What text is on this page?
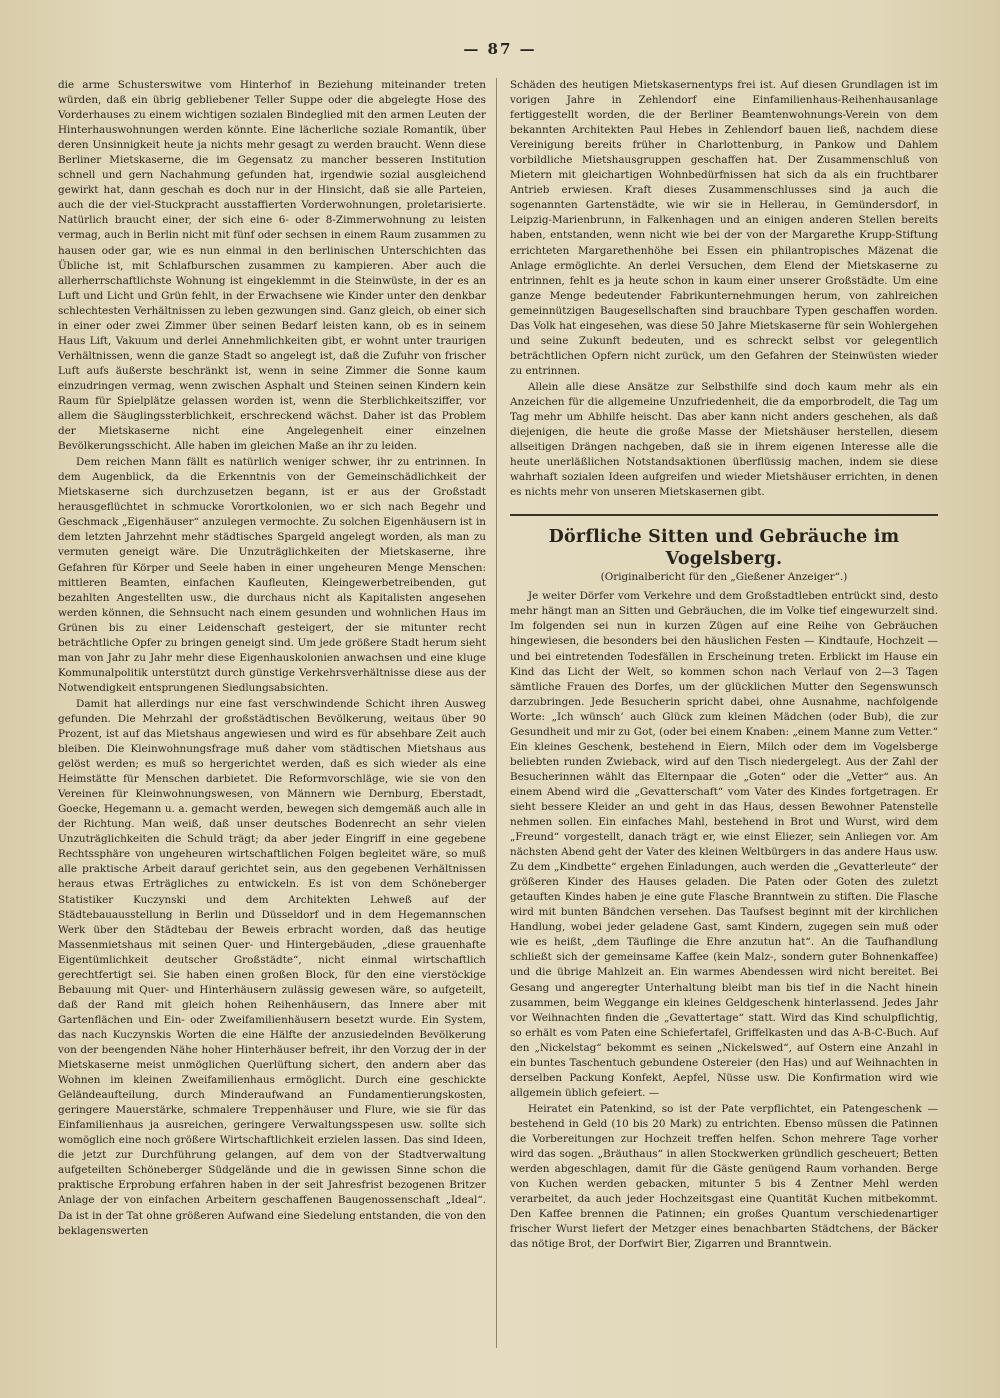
— 87 —

die arme Schusterswitwe vom Hinterhof in Beziehung miteinander treten würden, daß ein übrig gebliebener Teller Suppe oder die abgelegte Hose des Vorderhauses zu einem wichtigen sozialen Bindeglied mit den armen Leuten der Hinterhauswohnungen werden könnte. Eine lächerliche soziale Romantik, über deren Unsinnigkeit heute ja nichts mehr gesagt zu werden braucht. Wenn diese Berliner Mietskaserne, die im Gegensatz zu mancher besseren Institution schnell und gern Nachahmung gefunden hat, irgendwie sozial ausgleichend gewirkt hat, dann geschah es doch nur in der Hinsicht, daß sie alle Parteien, auch die der viel-Stuckpracht ausstaffierten Vorderwohnungen, proletarisierte. Natürlich braucht einer, der sich eine 6- oder 8-Zimmerwohnung zu leisten vermag, auch in Berlin nicht mit fünf oder sechsen in einem Raum zusammen zu hausen oder gar, wie es nun einmal in den berlinischen Unterschichten das Übliche ist, mit Schlafburschen zusammen zu kampieren. Aber auch die allerherrschaftlichste Wohnung ist eingeklemmt in die Steinwüste, in der es an Luft und Licht und Grün fehlt, in der Erwachsene wie Kinder unter den denkbar schlechtesten Verhältnissen zu leben gezwungen sind. Ganz gleich, ob einer sich in einer oder zwei Zimmer über seinen Bedarf leisten kann, ob es in seinem Haus Lift, Vakuum und derlei Annehmlichkeiten gibt, er wohnt unter traurigen Verhältnissen, wenn die ganze Stadt so angelegt ist, daß die Zufuhr von frischer Luft aufs äußerste beschränkt ist, wenn in seine Zimmer die Sonne kaum einzudringen vermag, wenn zwischen Asphalt und Steinen seinen Kindern kein Raum für Spielplätze gelassen worden ist, wenn die Sterblichkeitsziffer, vor allem die Säuglingssterblichkeit, erschreckend wächst. Daher ist das Problem der Mietskaserne nicht eine Angelegenheit einer einzelnen Bevölkerungsschicht. Alle haben im gleichen Maße an ihr zu leiden.

Dem reichen Mann fällt es natürlich weniger schwer, ihr zu entrinnen. In dem Augenblick, da die Erkenntnis von der Gemeinschädlichkeit der Mietskaserne sich durchzusetzen begann, ist er aus der Großstadt herausgeflüchtet in schmucke Vorortkolonien, wo er sich nach Begehr und Geschmack „Eigenhäuser“ anzulegen vermochte. Zu solchen Eigenhäusern ist in dem letzten Jahrzehnt mehr städtisches Spargeld angelegt worden, als man zu vermuten geneigt wäre. Die Unzuträglichkeiten der Mietskaserne, ihre Gefahren für Körper und Seele haben in einer ungeheuren Menge Menschen: mittleren Beamten, einfachen Kaufleuten, Kleingewerbetreibenden, gut bezahlten Angestellten usw., die durchaus nicht als Kapitalisten angesehen werden können, die Sehnsucht nach einem gesunden und wohnlichen Haus im Grünen bis zu einer Leidenschaft gesteigert, der sie mitunter recht beträchtliche Opfer zu bringen geneigt sind. Um jede größere Stadt herum sieht man von Jahr zu Jahr mehr diese Eigenhauskolonien anwachsen und eine kluge Kommunalpolitik unterstützt durch günstige Verkehrsverhältnisse diese aus der Notwendigkeit entsprungenen Siedlungsabsichten.

Damit hat allerdings nur eine fast verschwindende Schicht ihren Ausweg gefunden. Die Mehrzahl der großstädtischen Bevölkerung, weitaus über 90 Prozent, ist auf das Mietshaus angewiesen und wird es für absehbare Zeit auch bleiben. Die Kleinwohnungsfrage muß daher vom städtischen Mietshaus aus gelöst werden; es muß so hergerichtet werden, daß es sich wieder als eine Heimstätte für Menschen darbietet. Die Reformvorschläge, wie sie von den Vereinen für Kleinwohnungswesen, von Männern wie Dernburg, Eberstadt, Goecke, Hegemann u. a. gemacht werden, bewegen sich demgemäß auch alle in der Richtung. Man weiß, daß unser deutsches Bodenrecht an sehr vielen Unzuträglichkeiten die Schuld trägt; da aber jeder Eingriff in eine gegebene Rechtssphäre von ungeheuren wirtschaftlichen Folgen begleitet wäre, so muß alle praktische Arbeit darauf gerichtet sein, aus den gegebenen Verhältnissen heraus etwas Erträgliches zu entwickeln. Es ist von dem Schöneberger Statistiker Kuczynski und dem Architekten Lehweß auf der Städtebauausstellung in Berlin und Düsseldorf und in dem Hegemannschen Werk über den Städtebau der Beweis erbracht worden, daß das heutige Massenmietshaus mit seinen Quer- und Hintergebäuden, „diese grauenhafte Eigentümlichkeit deutscher Großstädte“, nicht einmal wirtschaftlich gerechtfertigt sei. Sie haben einen großen Block, für den eine vierstöckige Bebauung mit Quer- und Hinterhäusern zulässig gewesen wäre, so aufgeteilt, daß der Rand mit gleich hohen Reihenhäusern, das Innere aber mit Gartenflächen und Ein- oder Zweifamilienhäusern besetzt wurde. Ein System, das nach Kuczynskis Worten die eine Hälfte der anzusiedelnden Bevölkerung von der beengenden Nähe hoher Hinterhäuser befreit, ihr den Vorzug der in der Mietskaserne meist unmöglichen Querlüftung sichert, den andern aber das Wohnen im kleinen Zweifamilienhaus ermöglicht. Durch eine geschickte Geländeaufteilung, durch Minderaufwand an Fundamentierungskosten, geringere Mauerstärke, schmalere Treppenhäuser und Flure, wie sie für das Einfamilienhaus ja ausreichen, geringere Verwaltungsspesen usw. sollte sich womöglich eine noch größere Wirtschaftlichkeit erzielen lassen. Das sind Ideen, die jetzt zur Durchführung gelangen, auf dem von der Stadtverwaltung aufgeteilten Schöneberger Südgelände und die in gewissen Sinne schon die praktische Erprobung erfahren haben in der seit Jahresfrist bezogenen Britzer Anlage der von einfachen Arbeitern geschaffenen Baugenossenschaft „Ideal“. Da ist in der Tat ohne größeren Aufwand eine Siedelung entstanden, die von den beklagenswerten

Schäden des heutigen Mietskasernentyps frei ist. Auf diesen Grundlagen ist im vorigen Jahre in Zehlendorf eine Einfamilienhaus-Reihenhausanlage fertiggestellt worden, die der Berliner Beamtenwohnungs-Verein von dem bekannten Architekten Paul Hebes in Zehlendorf bauen ließ, nachdem diese Vereinigung bereits früher in Charlottenburg, in Pankow und Dahlem vorbildliche Mietshausgruppen geschaffen hat. Der Zusammenschluß von Mietern mit gleichartigen Wohnbedürfnissen hat sich da als ein fruchtbarer Antrieb erwiesen. Kraft dieses Zusammenschlusses sind ja auch die sogenannten Gartenstädte, wie wir sie in Hellerau, in Gemündersdorf, in Leipzig-Marienbrunn, in Falkenhagen und an einigen anderen Stellen bereits haben, entstanden, wenn nicht wie bei der von der Margarethe Krupp-Stiftung errichteten Margarethenhöhe bei Essen ein philantropisches Mäzenat die Anlage ermöglichte. An derlei Versuchen, dem Elend der Mietskaserne zu entrinnen, fehlt es ja heute schon in kaum einer unserer Großstädte. Um eine ganze Menge bedeutender Fabrikunternehmungen herum, von zahlreichen gemeinnützigen Baugesellschaften sind brauchbare Typen geschaffen worden. Das Volk hat eingesehen, was diese 50 Jahre Mietskaserne für sein Wohlergehen und seine Zukunft bedeuten, und es schreckt selbst vor gelegentlich beträchtlichen Opfern nicht zurück, um den Gefahren der Steinwüsten wieder zu entrinnen.

Allein alle diese Ansätze zur Selbsthilfe sind doch kaum mehr als ein Anzeichen für die allgemeine Unzufriedenheit, die da emporbrodelt, die Tag um Tag mehr um Abhilfe heischt. Das aber kann nicht anders geschehen, als daß diejenigen, die heute die große Masse der Mietshäuser herstellen, diesem allseitigen Drängen nachgeben, daß sie in ihrem eigenen Interesse alle die heute unerläßlichen Notstandsaktionen überflüssig machen, indem sie diese wahrhaft sozialen Ideen aufgreifen und wieder Mietshäuser errichten, in denen es nichts mehr von unseren Mietskasernen gibt.

Dörfliche Sitten und Gebräuche im Vogelsberg.
(Originalbericht für den „Gießener Anzeiger“.)

Je weiter Dörfer vom Verkehre und dem Großstadtleben entrückt sind, desto mehr hängt man an Sitten und Gebräuchen, die im Volke tief eingewurzelt sind. Im folgenden sei nun in kurzen Zügen auf eine Reihe von Gebräuchen hingewiesen, die besonders bei den häuslichen Festen — Kindtaufe, Hochzeit — und bei eintretenden Todesfällen in Erscheinung treten. Erblickt im Hause ein Kind das Licht der Welt, so kommen schon nach Verlauf von 2—3 Tagen sämtliche Frauen des Dorfes, um der glücklichen Mutter den Segenswunsch darzubringen. Jede Besucherin spricht dabei, ohne Ausnahme, nachfolgende Worte: „Ich wünsch’ auch Glück zum kleinen Mädchen (oder Bub), die zur Gesundheit und mir zu Got, (oder bei einem Knaben: „einem Manne zum Vetter.“ Ein kleines Geschenk, bestehend in Eiern, Milch oder dem im Vogelsberge beliebten runden Zwieback, wird auf den Tisch niedergelegt. Aus der Zahl der Besucherinnen wählt das Elternpaar die „Goten“ oder die „Vetter“ aus. An einem Abend wird die „Gevatterschaft“ vom Vater des Kindes fortgetragen. Er sieht bessere Kleider an und geht in das Haus, dessen Bewohner Patenstelle nehmen sollen. Ein einfaches Mahl, bestehend in Brot und Wurst, wird dem „Freund“ vorgestellt, danach trägt er, wie einst Eliezer, sein Anliegen vor. Am nächsten Abend geht der Vater des kleinen Weltbürgers in das andere Haus usw. Zu dem „Kindbette“ ergehen Einladungen, auch werden die „Gevatterleute“ der größeren Kinder des Hauses geladen. Die Paten oder Goten des zuletzt getauften Kindes haben je eine gute Flasche Branntwein zu stiften. Die Flasche wird mit bunten Bändchen versehen. Das Taufsest beginnt mit der kirchlichen Handlung, wobei jeder geladene Gast, samt Kindern, zugegen sein muß oder wie es heißt, „dem Täuflinge die Ehre anzutun hat“. An die Taufhandlung schließt sich der gemeinsame Kaffee (kein Malz-, sondern guter Bohnenkaffee) und die übrige Mahlzeit an. Ein warmes Abendessen wird nicht bereitet. Bei Gesang und angeregter Unterhaltung bleibt man bis tief in die Nacht hinein zusammen, beim Weggange ein kleines Geldgeschenk hinterlassend. Jedes Jahr vor Weihnachten finden die „Gevattertage“ statt. Wird das Kind schulpflichtig, so erhält es vom Paten eine Schiefertafel, Griffelkasten und das A-B-C-Buch. Auf den „Nickelstag“ bekommt es seinen „Nickelswed“, auf Ostern eine Anzahl in ein buntes Taschentuch gebundene Ostereier (den Has) und auf Weihnachten in derselben Packung Konfekt, Aepfel, Nüsse usw. Die Konfirmation wird wie allgemein üblich gefeiert. —

Heiratet ein Patenkind, so ist der Pate verpflichtet, ein Patengeschenk — bestehend in Geld (10 bis 20 Mark) zu entrichten. Ebenso müssen die Patinnen die Vorbereitungen zur Hochzeit treffen helfen. Schon mehrere Tage vorher wird das sogen. „Bräuthaus“ in allen Stockwerken gründlich gescheuert; Betten werden abgeschlagen, damit für die Gäste genügend Raum vorhanden. Berge von Kuchen werden gebacken, mitunter 5 bis 4 Zentner Mehl werden verarbeitet, da auch jeder Hochzeitsgast eine Quantität Kuchen mitbekommt. Den Kaffee brennen die Patinnen; ein großes Quantum verschiedenartiger frischer Wurst liefert der Metzger eines benachbarten Städtchens, der Bäcker das nötige Brot, der Dorfwirt Bier, Zigarren und Branntwein.
